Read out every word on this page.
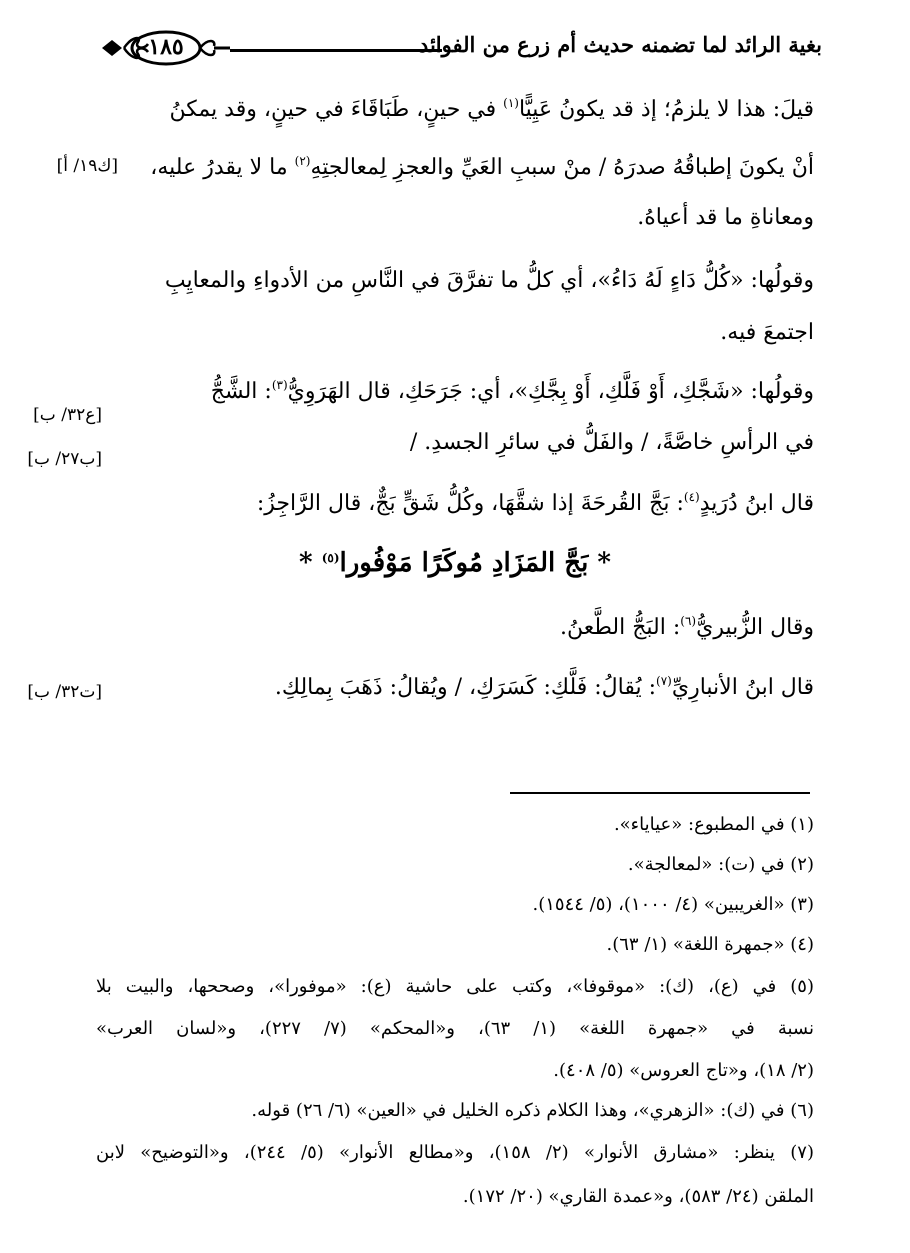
بغية الرائد لما تضمنه حديث أم زرع من الفوائد
١٨٥
قيلَ: هذا لا يلزمُ؛ إذ قد يكونُ عَيِيًّا$^{(١)}$ في حينٍ، طَبَاقَاءَ في حينٍ، وقد يمكنُ
أنْ يكونَ إطباقُهُ صدرَهُ / منْ سببِ العَيِّ والعجزِ لِمعالجتِهِ$^{(٢)}$ ما لا يقدرُ عليه،
ومعاناةِ ما قد أعياهُ.
وقولُها: «كُلُّ دَاءٍ لَهُ دَاءُ»، أي كلُّ ما تفرَّقَ في النَّاسِ من الأدواءِ والمعايِبِ
اجتمعَ فيه.
وقولُها: «شَجَّكِ، أَوْ فَلَّكِ، أَوْ بِجَّكِ»، أي: جَرَحَكِ، قال الهَرَوِيُّ$^{(٣)}$: الشَّجُّ
في الرأسِ خاصَّةً، / والفَلُّ في سائرِ الجسدِ. /
قال ابنُ دُرَيدٍ$^{(٤)}$: بَجَّ القُرحَةَ إذا شقَّهَا، وكُلُّ شَقٍّ بَجٌّ، قال الرَّاجِزُ:
* بَجَّ المَزَادِ مُوكَرًا مَوْفُورا$^{(٥)}$ *
وقال الزُّبيريُّ$^{(٦)}$: البَجُّ الطَّعنُ.
قال ابنُ الأنبارِيِّ$^{(٧)}$: يُقالُ: فَلَّكِ: كَسَرَكِ، / ويُقالُ: ذَهَبَ بِمالِكِ.
[ك١٩/ أ]
[ع٣٢/ ب]
[ب٢٧/ ب]
[ت٣٢/ ب]
(١) في المطبوع: «عياياء».
(٢) في (ت): «لمعالجة».
(٣) «الغريبين» (٤/ ١٠٠٠)، (٥/ ١٥٤٤).
(٤) «جمهرة اللغة» (١/ ٦٣).
(٥) في (ع)، (ك): «موقوفا»، وكتب على حاشية (ع): «موفورا»، وصححها، والبيت بلا
نسبة في «جمهرة اللغة» (١/ ٦٣)، و«المحكم» (٧/ ٢٢٧)، و«لسان العرب»
(٢/ ١٨)، و«تاج العروس» (٥/ ٤٠٨).
(٦) في (ك): «الزهري»، وهذا الكلام ذكره الخليل في «العين» (٦/ ٢٦) قوله.
(٧) ينظر: «مشارق الأنوار» (٢/ ١٥٨)، و«مطالع الأنوار» (٥/ ٢٤٤)، و«التوضيح» لابن
الملقن (٢٤/ ٥٨٣)، و«عمدة القاري» (٢٠/ ١٧٢).
